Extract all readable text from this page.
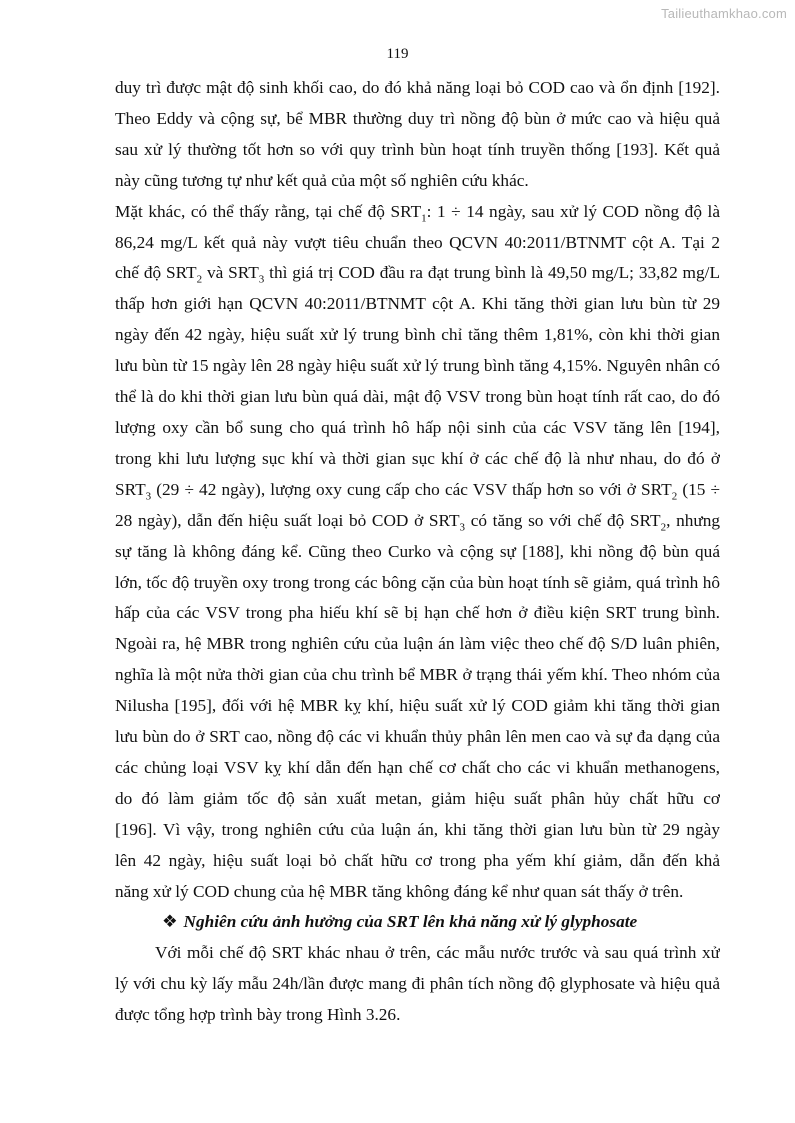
Tailieuthamkhao.com
119
duy trì được mật độ sinh khối cao, do đó khả năng loại bỏ COD cao và ổn định [192].
Theo Eddy và cộng sự, bể MBR thường duy trì nồng độ bùn ở mức cao và hiệu quả
sau xử lý thường tốt hơn so với quy trình bùn hoạt tính truyền thống [193]. Kết quả
này cũng tương tự như kết quả của một số nghiên cứu khác.
Mặt khác, có thể thấy rằng, tại chế độ $SRT_1$: 1 ÷ 14 ngày, sau xử lý COD nồng độ là
86,24 mg/L kết quả này vượt tiêu chuẩn theo QCVN 40:2011/BTNMT cột A. Tại 2
chế độ $SRT_2$ và $SRT_3$ thì giá trị COD đầu ra đạt trung bình là 49,50 mg/L; 33,82 mg/L
thấp hơn giới hạn QCVN 40:2011/BTNMT cột A. Khi tăng thời gian lưu bùn từ 29
ngày đến 42 ngày, hiệu suất xử lý trung bình chỉ tăng thêm 1,81%, còn khi thời gian
lưu bùn từ 15 ngày lên 28 ngày hiệu suất xử lý trung bình tăng 4,15%. Nguyên nhân có
thể là do khi thời gian lưu bùn quá dài, mật độ VSV trong bùn hoạt tính rất cao, do đó
lượng oxy cần bổ sung cho quá trình hô hấp nội sinh của các VSV tăng lên [194],
trong khi lưu lượng sục khí và thời gian sục khí ở các chế độ là như nhau, do đó ở
$SRT_3$ (29 ÷ 42 ngày), lượng oxy cung cấp cho các VSV thấp hơn so với ở $SRT_2$ (15 ÷
28 ngày), dẫn đến hiệu suất loại bỏ COD ở $SRT_3$ có tăng so với chế độ $SRT_2$, nhưng
sự tăng là không đáng kể. Cũng theo Curko và cộng sự [188], khi nồng độ bùn quá
lớn, tốc độ truyền oxy trong trong các bông cặn của bùn hoạt tính sẽ giảm, quá trình hô
hấp của các VSV trong pha hiếu khí sẽ bị hạn chế hơn ở điều kiện SRT trung bình.
Ngoài ra, hệ MBR trong nghiên cứu của luận án làm việc theo chế độ S/D luân phiên,
nghĩa là một nửa thời gian của chu trình bể MBR ở trạng thái yếm khí. Theo nhóm của
Nilusha [195], đối với hệ MBR kỵ khí, hiệu suất xử lý COD giảm khi tăng thời gian
lưu bùn do ở SRT cao, nồng độ các vi khuẩn thủy phân lên men cao và sự đa dạng của
các chủng loại VSV kỵ khí dẫn đến hạn chế cơ chất cho các vi khuẩn methanogens,
do đó làm giảm tốc độ sản xuất metan, giảm hiệu suất phân hủy chất hữu cơ
[196]. Vì vậy, trong nghiên cứu của luận án, khi tăng thời gian lưu bùn từ 29 ngày
lên 42 ngày, hiệu suất loại bỏ chất hữu cơ trong pha yếm khí giảm, dẫn đến khả
năng xử lý COD chung của hệ MBR tăng không đáng kể như quan sát thấy ở trên.
❖ Nghiên cứu ảnh hưởng của SRT lên khả năng xử lý glyphosate
Với mỗi chế độ SRT khác nhau ở trên, các mẫu nước trước và sau quá trình xử
lý với chu kỳ lấy mẫu 24h/lần được mang đi phân tích nồng độ glyphosate và hiệu quả
được tổng hợp trình bày trong Hình 3.26.
